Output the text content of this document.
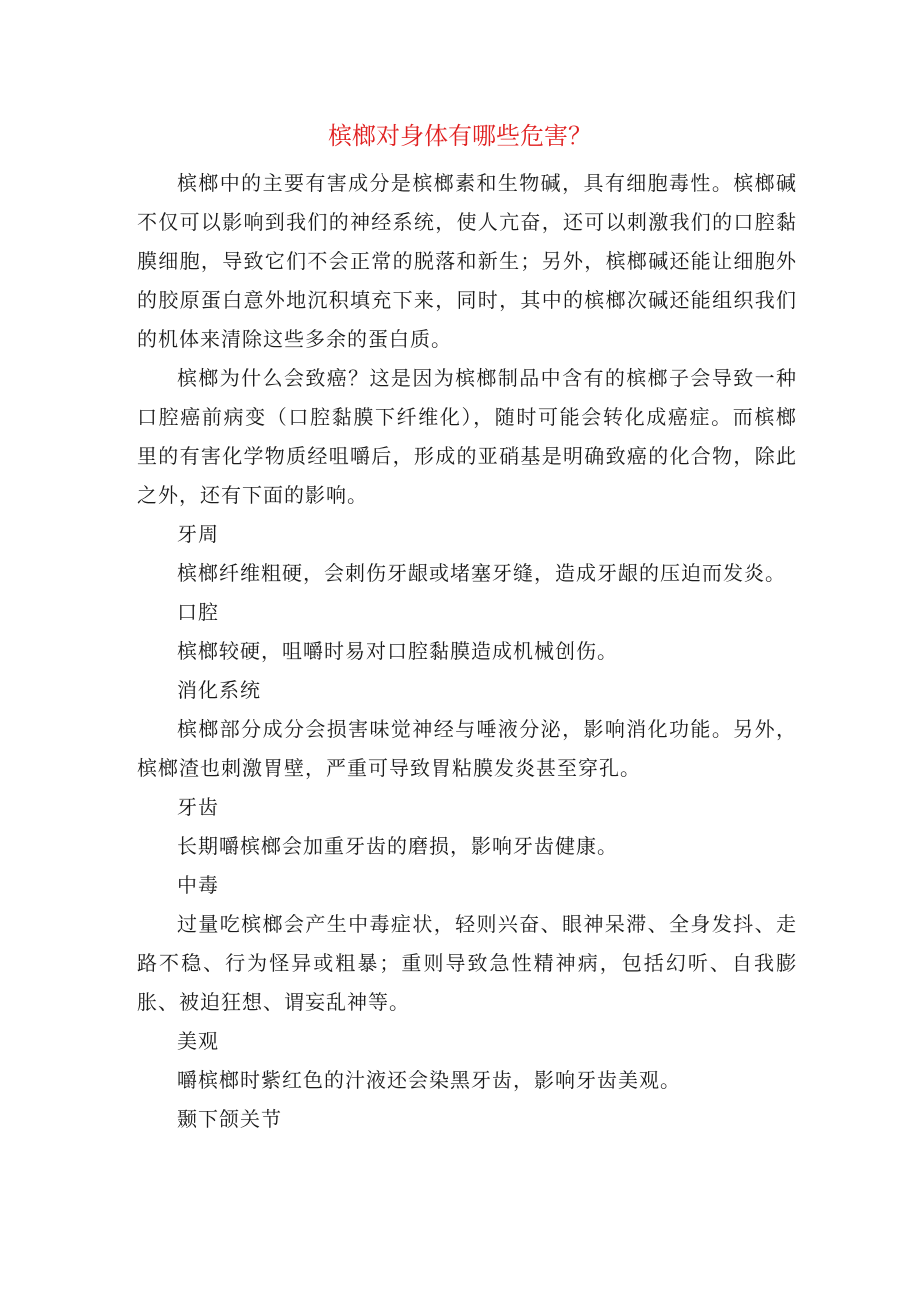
槟榔对身体有哪些危害？

槟榔中的主要有害成分是槟榔素和生物碱，具有细胞毒性。槟榔碱不仅可以影响到我们的神经系统，使人亢奋，还可以刺激我们的口腔黏膜细胞，导致它们不会正常的脱落和新生；另外，槟榔碱还能让细胞外的胶原蛋白意外地沉积填充下来，同时，其中的槟榔次碱还能组织我们的机体来清除这些多余的蛋白质。

槟榔为什么会致癌？这是因为槟榔制品中含有的槟榔子会导致一种口腔癌前病变（口腔黏膜下纤维化），随时可能会转化成癌症。而槟榔里的有害化学物质经咀嚼后，形成的亚硝基是明确致癌的化合物，除此之外，还有下面的影响。

牙周

槟榔纤维粗硬，会刺伤牙龈或堵塞牙缝，造成牙龈的压迫而发炎。

口腔

槟榔较硬，咀嚼时易对口腔黏膜造成机械创伤。

消化系统

槟榔部分成分会损害味觉神经与唾液分泌，影响消化功能。另外，槟榔渣也刺激胃壁，严重可导致胃粘膜发炎甚至穿孔。

牙齿

长期嚼槟榔会加重牙齿的磨损，影响牙齿健康。

中毒

过量吃槟榔会产生中毒症状，轻则兴奋、眼神呆滞、全身发抖、走路不稳、行为怪异或粗暴；重则导致急性精神病，包括幻听、自我膨胀、被迫狂想、谓妄乱神等。

美观

嚼槟榔时紫红色的汁液还会染黑牙齿，影响牙齿美观。

颞下颌关节
